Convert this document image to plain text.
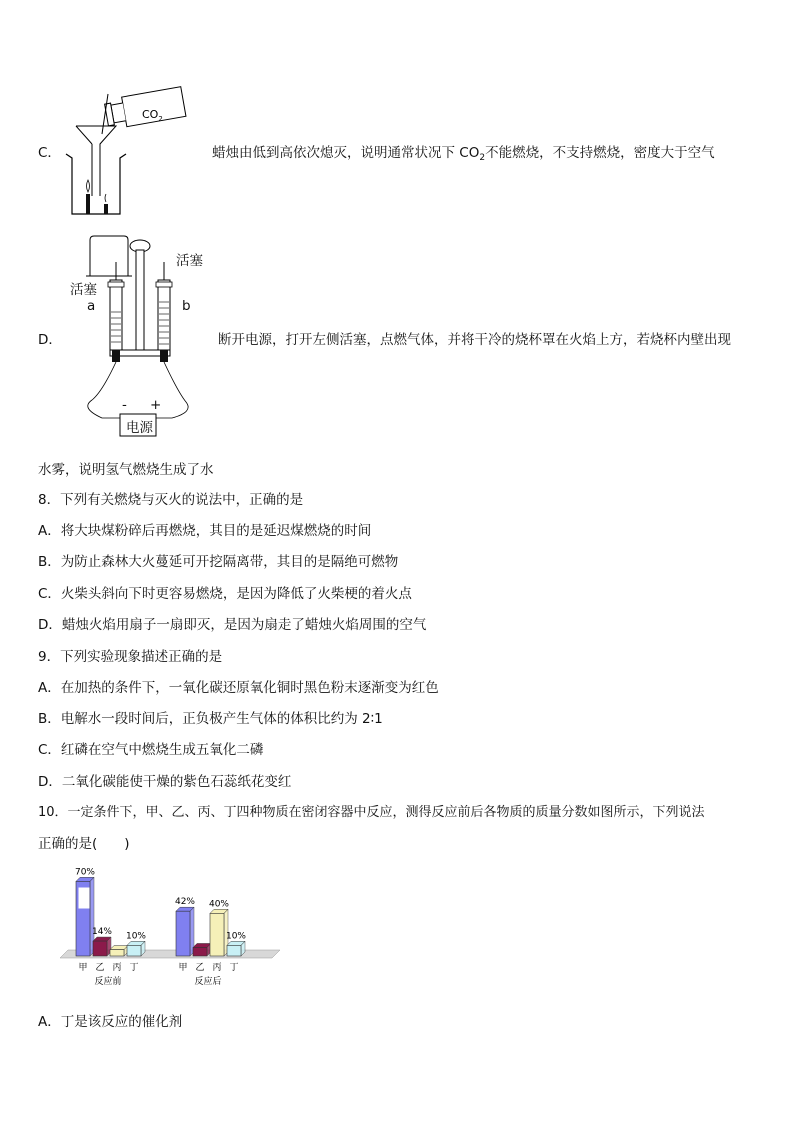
$CO_2$
C．	蜡烛由低到高依次熄灭，说明通常状况下 $CO_2$不能燃烧，不支持燃烧，密度大于空气
活塞
活塞
a	b
- +
电源
D．	断开电源，打开左侧活塞，点燃气体，并将干冷的烧杯罩在火焰上方，若烧杯内壁出现
水雾，说明氢气燃烧生成了水
8．下列有关燃烧与灭火的说法中，正确的是
A．将大块煤粉碎后再燃烧，其目的是延迟煤燃烧的时间
B．为防止森林大火蔓延可开挖隔离带，其目的是隔绝可燃物
C．火柴头斜向下时更容易燃烧，是因为降低了火柴梗的着火点
D．蜡烛火焰用扇子一扇即灭，是因为扇走了蜡烛火焰周围的空气
9．下列实验现象描述正确的是
A．在加热的条件下，一氧化碳还原氧化铜时黑色粉末逐渐变为红色
B．电解水一段时间后，正负极产生气体的体积比约为 2∶1
C．红磷在空气中燃烧生成五氧化二磷
D．二氧化碳能使干燥的紫色石蕊纸花变红
10．一定条件下，甲、乙、丙、丁四种物质在密闭容器中反应，测得反应前后各物质的质量分数如图所示，下列说法
正确的是(　　)
70%
甲
14%
乙 丙
10%
丁
反应前
42%
甲 乙
40%
丙
10%
丁
反应后
A．丁是该反应的催化剂
